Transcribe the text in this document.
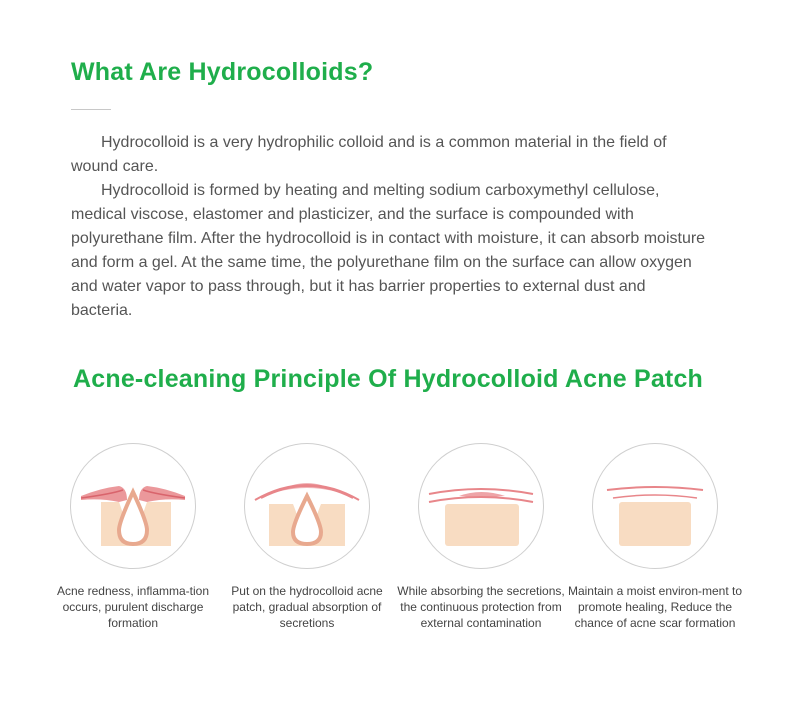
What Are Hydrocolloids?

Hydrocolloid is a very hydrophilic colloid and is a common material in the field of wound care.

Hydrocolloid is formed by heating and melting sodium carboxymethyl cellulose, medical viscose, elastomer and plasticizer, and the surface is compounded with polyurethane film. After the hydrocolloid is in contact with moisture, it can absorb moisture and form a gel. At the same time, the polyurethane film on the surface can allow oxygen and water vapor to pass through, but it has barrier properties to external dust and bacteria.

Acne-cleaning Principle Of Hydrocolloid Acne Patch
Acne redness, inflamma-tion occurs, purulent discharge formation
Put on the hydrocolloid acne patch, gradual absorption of secretions
While absorbing the secretions, the continuous protection from external contamination
Maintain a moist environ-ment to promote healing, Reduce the chance of acne scar formation
